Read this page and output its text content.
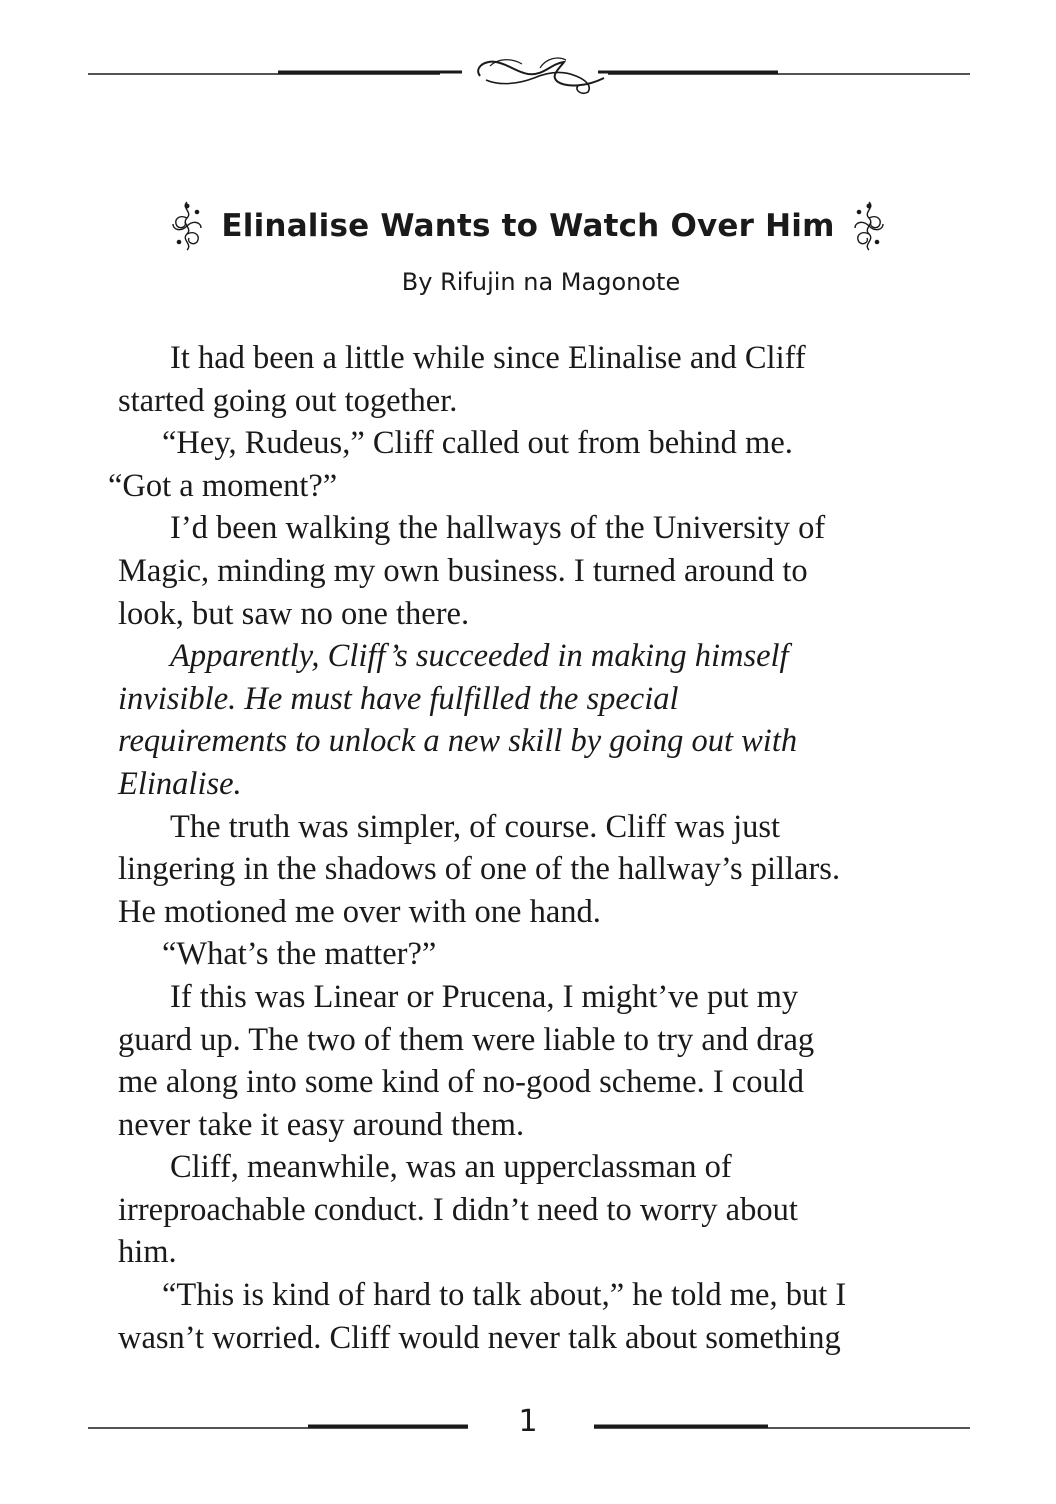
Elinalise Wants to Watch Over Him
By Rifujin na Magonote
It had been a little while since Elinalise and Cliff
started going out together.
“Hey, Rudeus,” Cliff called out from behind me.
“Got a moment?”
I’d been walking the hallways of the University of
Magic, minding my own business. I turned around to
look, but saw no one there.
Apparently, Cliff’s succeeded in making himself
invisible. He must have fulfilled the special
requirements to unlock a new skill by going out with
Elinalise.
The truth was simpler, of course. Cliff was just
lingering in the shadows of one of the hallway’s pillars.
He motioned me over with one hand.
“What’s the matter?”
If this was Linear or Prucena, I might’ve put my
guard up. The two of them were liable to try and drag
me along into some kind of no-good scheme. I could
never take it easy around them.
Cliff, meanwhile, was an upperclassman of
irreproachable conduct. I didn’t need to worry about
him.
“This is kind of hard to talk about,” he told me, but I
wasn’t worried. Cliff would never talk about something
1
